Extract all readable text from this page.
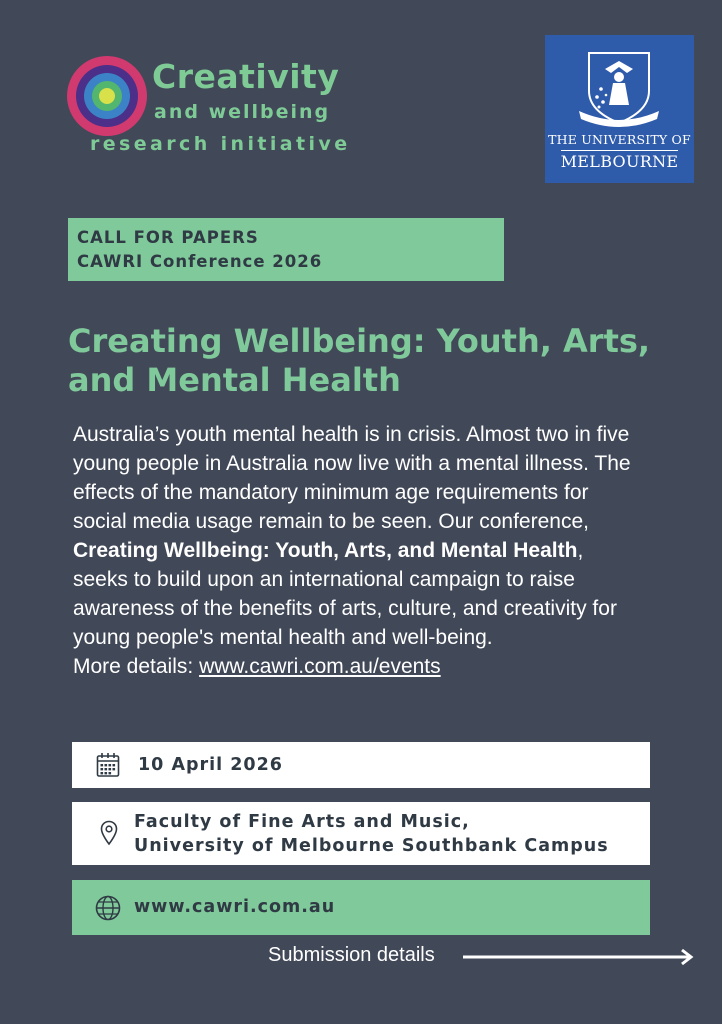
Creativity
and wellbeing
research initiative	THE UNIVERSITY OF
MELBOURNE
CALL FOR PAPERS
CAWRI Conference 2026
Creating Wellbeing: Youth, Arts,
and Mental Health
Australia’s youth mental health is in crisis. Almost two in five young people in Australia now live with a mental illness. The effects of the mandatory minimum age requirements for social media usage remain to be seen. Our conference, Creating Wellbeing: Youth, Arts, and Mental Health, seeks to build upon an international campaign to raise awareness of the benefits of arts, culture, and creativity for young people's mental health and well-being.
More details: www.cawri.com.au/events
10 April 2026
Faculty of Fine Arts and Music,
University of Melbourne Southbank Campus
www.cawri.com.au
Submission details
